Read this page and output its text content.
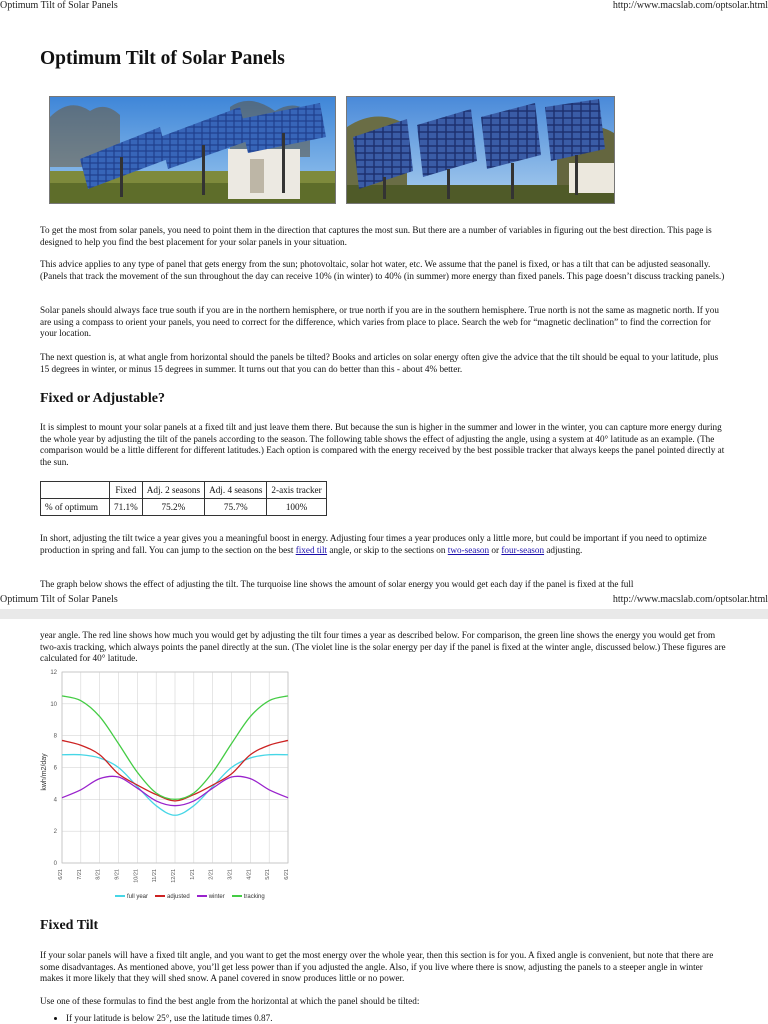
Optimum Tilt of Solar Panels	http://www.macslab.com/optsolar.html
Optimum Tilt of Solar Panels

To get the most from solar panels, you need to point them in the direction that captures the most sun. But there are a number of variables in figuring out the best direction. This page is designed to help you find the best placement for your solar panels in your situation.

This advice applies to any type of panel that gets energy from the sun; photovoltaic, solar hot water, etc. We assume that the panel is fixed, or has a tilt that can be adjusted seasonally. (Panels that track the movement of the sun throughout the day can receive 10% (in winter) to 40% (in summer) more energy than fixed panels. This page doesn’t discuss tracking panels.)

Solar panels should always face true south if you are in the northern hemisphere, or true north if you are in the southern hemisphere. True north is not the same as magnetic north. If you are using a compass to orient your panels, you need to correct for the difference, which varies from place to place. Search the web for “magnetic declination” to find the correction for your location.

The next question is, at what angle from horizontal should the panels be tilted? Books and articles on solar energy often give the advice that the tilt should be equal to your latitude, plus 15 degrees in winter, or minus 15 degrees in summer. It turns out that you can do better than this - about 4% better.

Fixed or Adjustable?

It is simplest to mount your solar panels at a fixed tilt and just leave them there. But because the sun is higher in the summer and lower in the winter, you can capture more energy during the whole year by adjusting the tilt of the panels according to the season. The following table shows the effect of adjusting the angle, using a system at 40° latitude as an example. (The comparison would be a little different for different latitudes.) Each option is compared with the energy received by the best possible tracker that always keeps the panel pointed directly at the sun.

	Fixed	Adj. 2 seasons	Adj. 4 seasons	2-axis tracker
% of optimum	71.1%	75.2%	75.7%	100%

In short, adjusting the tilt twice a year gives you a meaningful boost in energy. Adjusting four times a year produces only a little more, but could be important if you need to optimize production in spring and fall. You can jump to the section on the best fixed tilt angle, or skip to the sections on two-season or four-season adjusting.

The graph below shows the effect of adjusting the tilt. The turquoise line shows the amount of solar energy you would get each day if the panel is fixed at the full

Optimum Tilt of Solar Panels	http://www.macslab.com/optsolar.html

year angle. The red line shows how much you would get by adjusting the tilt four times a year as described below. For comparison, the green line shows the energy you would get from two-axis tracking, which always points the panel directly at the sun. (The violet line is the solar energy per day if the panel is fixed at the winter angle, discussed below.) These figures are calculated for 40° latitude.

kwh/m2/day
0
2
4
6
8
10
12
6/21 7/21 8/21 9/21 10/21 11/21 12/21 1/21 2/21 3/21 4/21 5/21 6/21
full year	adjusted	winter	tracking
Fixed Tilt

If your solar panels will have a fixed tilt angle, and you want to get the most energy over the whole year, then this section is for you. A fixed angle is convenient, but note that there are some disadvantages. As mentioned above, you’ll get less power than if you adjusted the angle. Also, if you live where there is snow, adjusting the panels to a steeper angle in winter makes it more likely that they will shed snow. A panel covered in snow produces little or no power.

Use one of these formulas to find the best angle from the horizontal at which the panel should be tilted:

• If your latitude is below 25°, use the latitude times 0.87.
